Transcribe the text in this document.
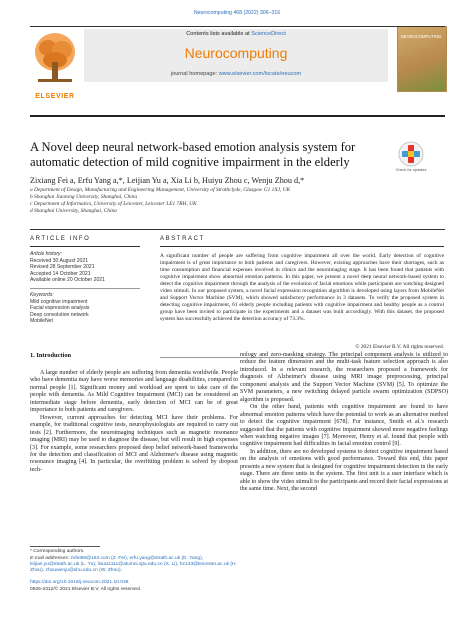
Neurocomputing 468 (2022) 306–316
ELSEVIER
Contents lists available at ScienceDirect
Neurocomputing
journal homepage: www.elsevier.com/locate/neucom
NEUROCOMPUTING
A Novel deep neural network-based emotion analysis system for automatic detection of mild cognitive impairment in the elderly
Check for updates
Zixiang Fei a, Erfu Yang a,*, Leijian Yu a, Xia Li b, Huiyu Zhou c, Wenju Zhou d,*
a Department of Design, Manufacturing and Engineering Management, University of Strathclyde, Glasgow G1 1XJ, UK
b Shanghai Jiaotong University, Shanghai, China
c Department of Informatics, University of Leicester, Leicester LE1 7RH, UK
d Shanghai University, Shanghai, China
ARTICLE INFO
Article history:
Received 30 August 2021
Revised 28 September 2021
Accepted 14 October 2021
Available online 20 October 2021
Keywords:
Mild cognitive impairment
Facial expression analysis
Deep convolution network
MobileNet
ABSTRACT
A significant number of people are suffering from cognitive impairment all over the world. Early detection of cognitive impairment is of great importance to both patients and caregivers. However, existing approaches have their shortages, such as time consumption and financial expenses involved in clinics and the neuroimaging stage. It has been found that patients with cognitive impairment show abnormal emotion patterns. In this paper, we present a novel deep neural network-based system to detect the cognitive impairment through the analysis of the evolution of facial emotions while participants are watching designed video stimuli. In our proposed system, a novel facial expression recognition algorithm is developed using layers from MobileNet and Support Vector Machine (SVM), which showed satisfactory performance in 3 datasets. To verify the proposed system in detecting cognitive impairment, 61 elderly people including patients with cognitive impairment and healthy people as a control group have been invited to participate in the experiments and a dataset was built accordingly. With this dataset, the proposed system has successfully achieved the detection accuracy of 73.3%.
© 2021 Elsevier B.V. All rights reserved.
1. Introduction

A large number of elderly people are suffering from dementia worldwide. People who have dementia may have worse memories and language disabilities, compared to normal people [1]. Significant money and workload are spent to take care of the people with dementia. As Mild Cognitive Impairment (MCI) can be considered an intermediate stage before dementia, early detection of MCI can be of great importance to both patients and caregivers.

However, current approaches for detecting MCI have their problems. For example, for traditional cognitive tests, neurophysiologists are required to carry out tests [2]. Furthermore, the neuroimaging techniques such as magnetic resonance imaging (MRI) may be used to diagnose the disease, but will result in high expenses [3]. For example, some researchers proposed deep belief network-based frameworks for the detection and classification of MCI and Alzheimer's disease using magnetic resonance imaging [4]. In particular, the overfitting problem is solved by dropout tech-

nology and zero-masking strategy. The principal component analysis is utilized to reduce the feature dimension and the multi-task feature selection approach is also introduced. In a relevant research, the researchers proposed a framework for diagnosis of Alzheimer's disease using MRI image preprocessing, principal component analysis and the Support Vector Machine (SVM) [5]. To optimize the SVM parameters, a new switching delayed particle swarm optimization (SDPSO) algorithm is proposed.

On the other hand, patients with cognitive impairment are found to have abnormal emotion patterns which have the potential to work as an alternative method to detect the cognitive impairment [678]. For instance, Smith et al.'s research suggested that the patients with cognitive impairment showed more negative feelings when watching negative images [7]. Moreover, Henry et al. found that people with cognitive impairment had difficulties in facial emotion control [9].

In addition, there are no developed systems to detect cognitive impairment based on the analysis of emotions with good performance. Toward this end, this paper presents a new system that is designed for cognitive impairment detection in the early stage. There are three units in the system. The first unit is a user interface which is able to show the video stimuli to the participants and record their facial expressions at the same time. Next, the second

* Corresponding authors.
E-mail addresses: zxfei89@163.com (Z. Fei), erfu.yang@strath.ac.uk (E. Yang), leijian.yu@strath.ac.uk (L. Yu), lixia11111@alumni.sjtu.edu.cn (X. Li), hz143@leicester.ac.uk (H. Zhou), zhouwenju@shu.edu.cn (W. Zhou).
https://doi.org/10.1016/j.neucom.2021.10.038
0925-2312/© 2021 Elsevier B.V. All rights reserved.
